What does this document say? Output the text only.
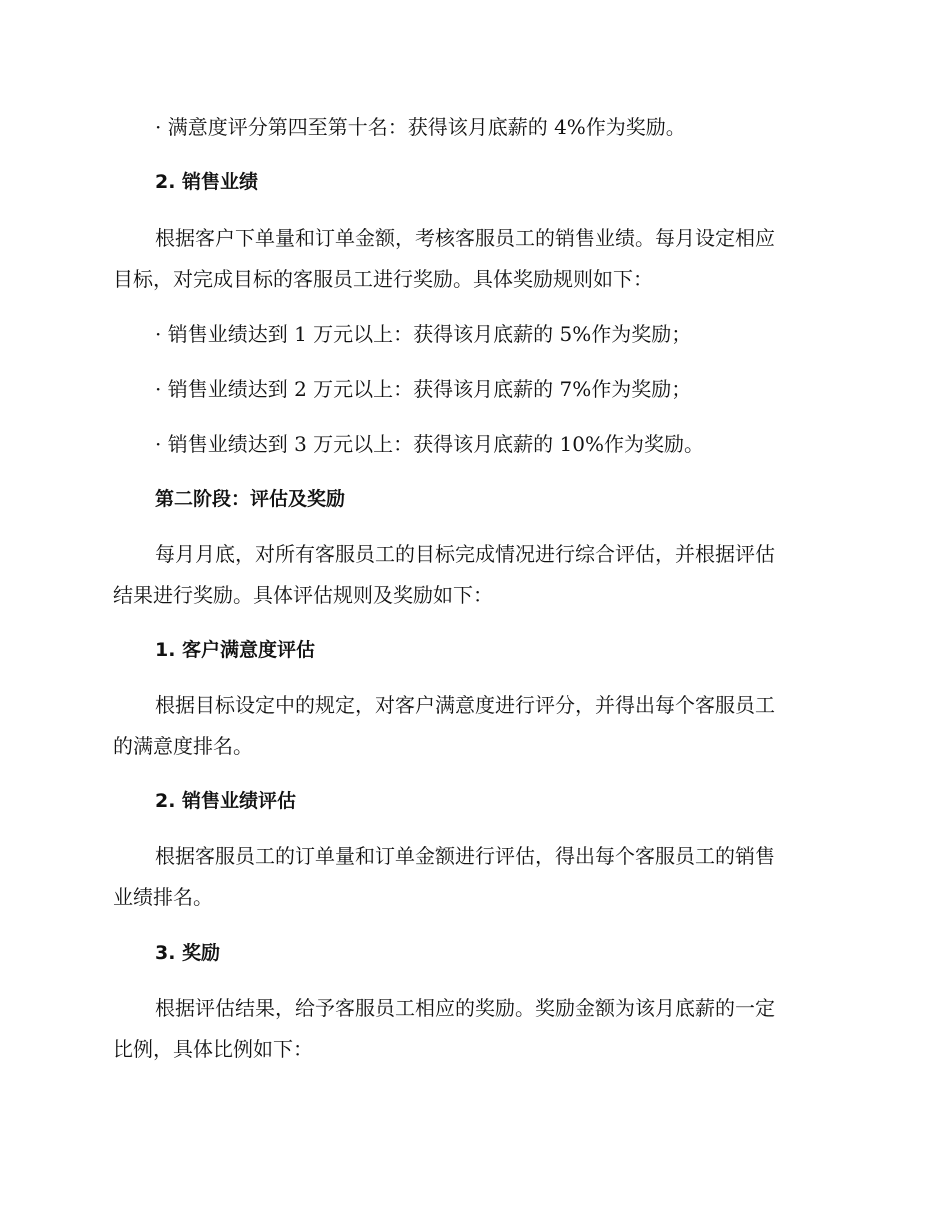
· 满意度评分第四至第十名：获得该月底薪的 4%作为奖励。
2. 销售业绩
根据客户下单量和订单金额，考核客服员工的销售业绩。每月设定相应
目标，对完成目标的客服员工进行奖励。具体奖励规则如下：
· 销售业绩达到 1 万元以上：获得该月底薪的 5%作为奖励；
· 销售业绩达到 2 万元以上：获得该月底薪的 7%作为奖励；
· 销售业绩达到 3 万元以上：获得该月底薪的 10%作为奖励。
第二阶段：评估及奖励
每月月底，对所有客服员工的目标完成情况进行综合评估，并根据评估
结果进行奖励。具体评估规则及奖励如下：
1. 客户满意度评估
根据目标设定中的规定，对客户满意度进行评分，并得出每个客服员工
的满意度排名。
2. 销售业绩评估
根据客服员工的订单量和订单金额进行评估，得出每个客服员工的销售
业绩排名。
3. 奖励
根据评估结果，给予客服员工相应的奖励。奖励金额为该月底薪的一定
比例，具体比例如下：
